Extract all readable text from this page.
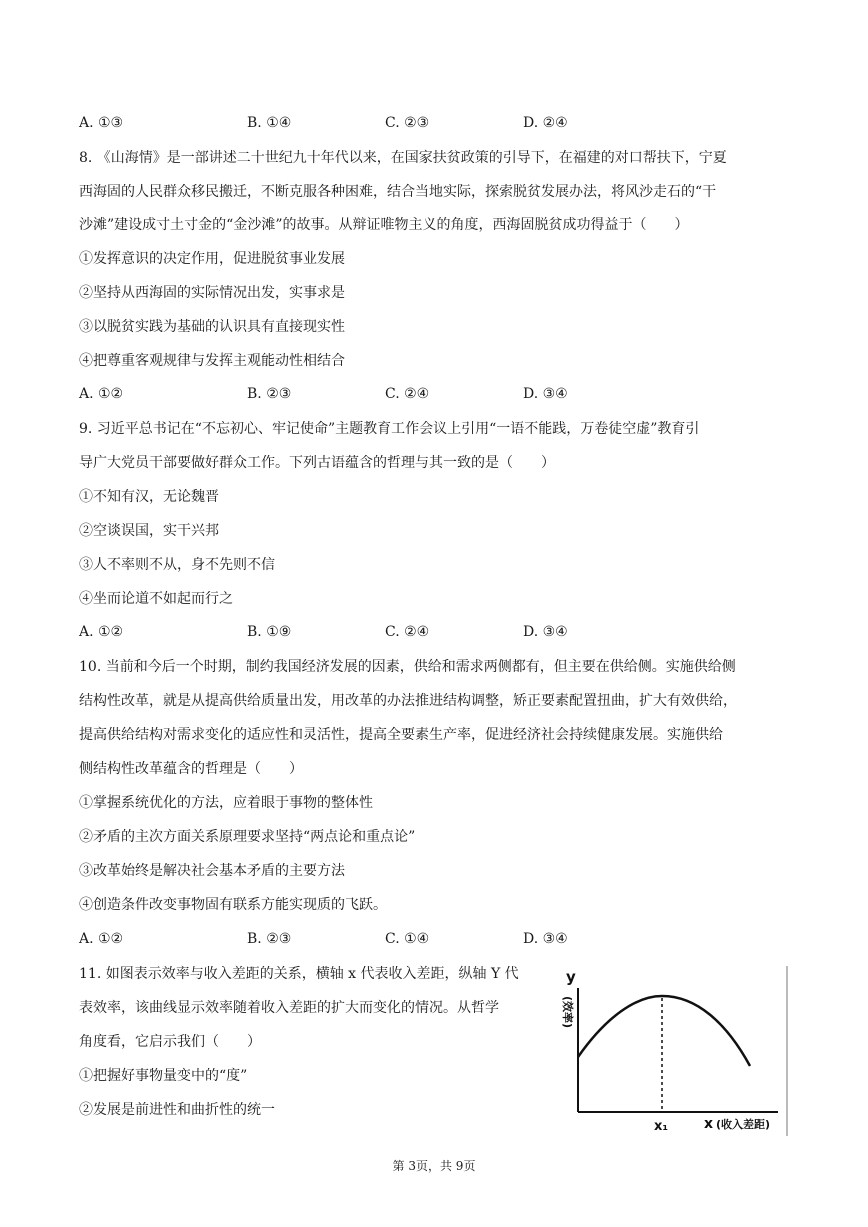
A. ①③	B. ①④	C. ②③	D. ②④
8. 《山海情》是一部讲述二十世纪九十年代以来，在国家扶贫政策的引导下，在福建的对口帮扶下，宁夏
西海固的人民群众移民搬迁，不断克服各种困难，结合当地实际，探索脱贫发展办法，将风沙走石的“干
沙滩”建设成寸土寸金的“金沙滩”的故事。从辩证唯物主义的角度，西海固脱贫成功得益于（　　）
①发挥意识的决定作用，促进脱贫事业发展
②坚持从西海固的实际情况出发，实事求是
③以脱贫实践为基础的认识具有直接现实性
④把尊重客观规律与发挥主观能动性相结合
A. ①②	B. ②③	C. ②④	D. ③④
9. 习近平总书记在“不忘初心、牢记使命”主题教育工作会议上引用“一语不能践，万卷徒空虚”教育引
导广大党员干部要做好群众工作。下列古语蕴含的哲理与其一致的是（　　）
①不知有汉，无论魏晋
②空谈误国，实干兴邦
③人不率则不从，身不先则不信
④坐而论道不如起而行之
A. ①②	B. ①⑨	C. ②④	D. ③④
10. 当前和今后一个时期，制约我国经济发展的因素，供给和需求两侧都有，但主要在供给侧。实施供给侧
结构性改革，就是从提高供给质量出发，用改革的办法推进结构调整，矫正要素配置扭曲，扩大有效供给，
提高供给结构对需求变化的适应性和灵活性，提高全要素生产率，促进经济社会持续健康发展。实施供给
侧结构性改革蕴含的哲理是（　　）
①掌握系统优化的方法，应着眼于事物的整体性
②矛盾的主次方面关系原理要求坚持“两点论和重点论”
③改革始终是解决社会基本矛盾的主要方法
④创造条件改变事物固有联系方能实现质的飞跃。
A. ①②	B. ②③	C. ①④	D. ③④
11. 如图表示效率与收入差距的关系，横轴 x 代表收入差距，纵轴 Y 代
表效率，该曲线显示效率随着收入差距的扩大而变化的情况。从哲学
角度看，它启示我们（　　）
①把握好事物量变中的“度”
②发展是前进性和曲折性的统一
y
(效率)
x₁	x (收入差距)
第 3页，共 9页
